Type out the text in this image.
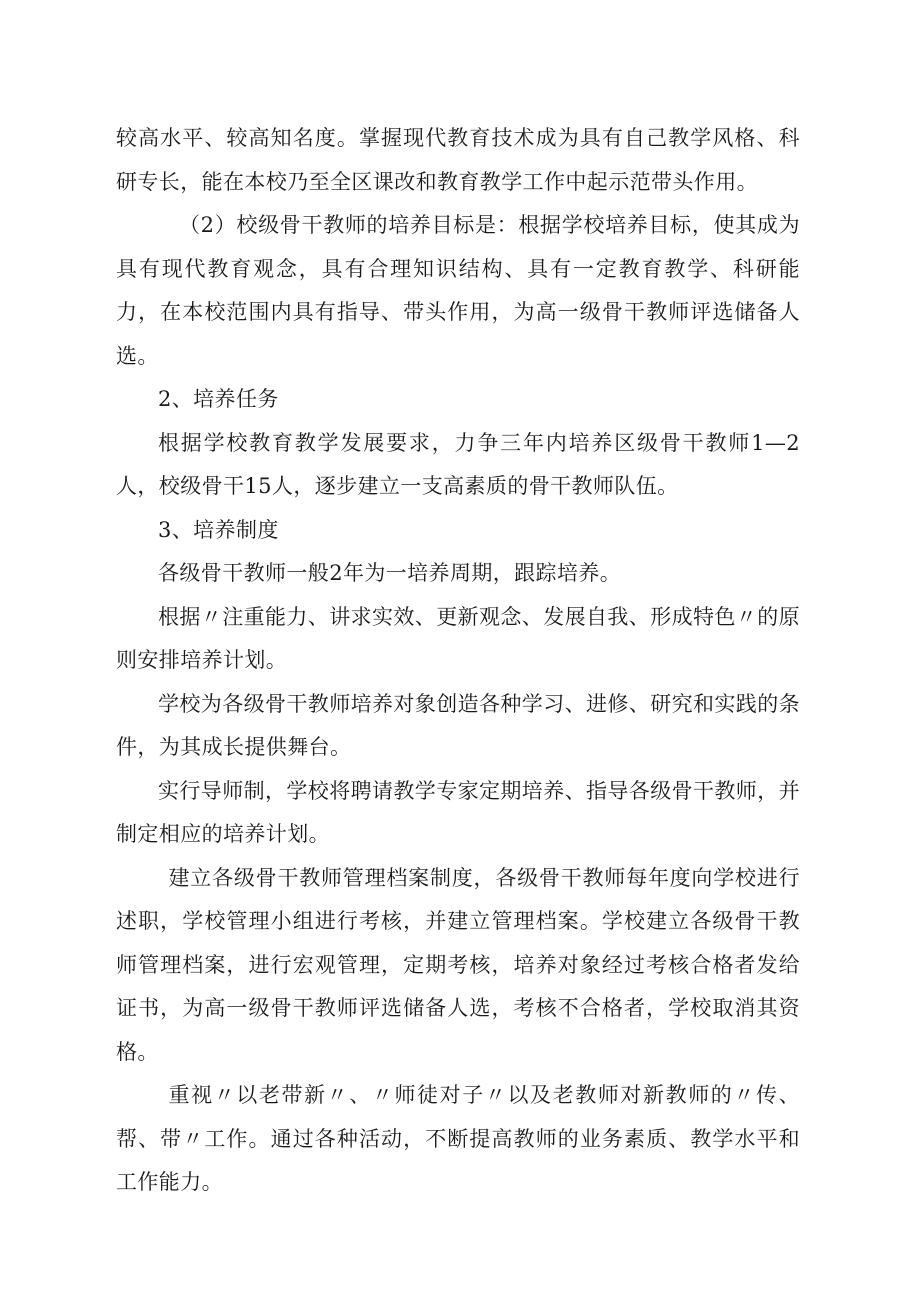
较高水平、较高知名度。掌握现代教育技术成为具有自己教学风格、科研专长，能在本校乃至全区课改和教育教学工作中起示范带头作用。

（2）校级骨干教师的培养目标是：根据学校培养目标，使其成为具有现代教育观念，具有合理知识结构、具有一定教育教学、科研能力，在本校范围内具有指导、带头作用，为高一级骨干教师评选储备人选。

2、培养任务

根据学校教育教学发展要求，力争三年内培养区级骨干教师1—2人，校级骨干15人，逐步建立一支高素质的骨干教师队伍。

3、培养制度

各级骨干教师一般2年为一培养周期，跟踪培养。

根据〃注重能力、讲求实效、更新观念、发展自我、形成特色〃的原则安排培养计划。

学校为各级骨干教师培养对象创造各种学习、进修、研究和实践的条件，为其成长提供舞台。

实行导师制，学校将聘请教学专家定期培养、指导各级骨干教师，并制定相应的培养计划。

建立各级骨干教师管理档案制度，各级骨干教师每年度向学校进行述职，学校管理小组进行考核，并建立管理档案。学校建立各级骨干教师管理档案，进行宏观管理，定期考核，培养对象经过考核合格者发给证书，为高一级骨干教师评选储备人选，考核不合格者，学校取消其资格。

重视〃以老带新〃、〃师徒对子〃以及老教师对新教师的〃传、帮、带〃工作。通过各种活动，不断提高教师的业务素质、教学水平和工作能力。
